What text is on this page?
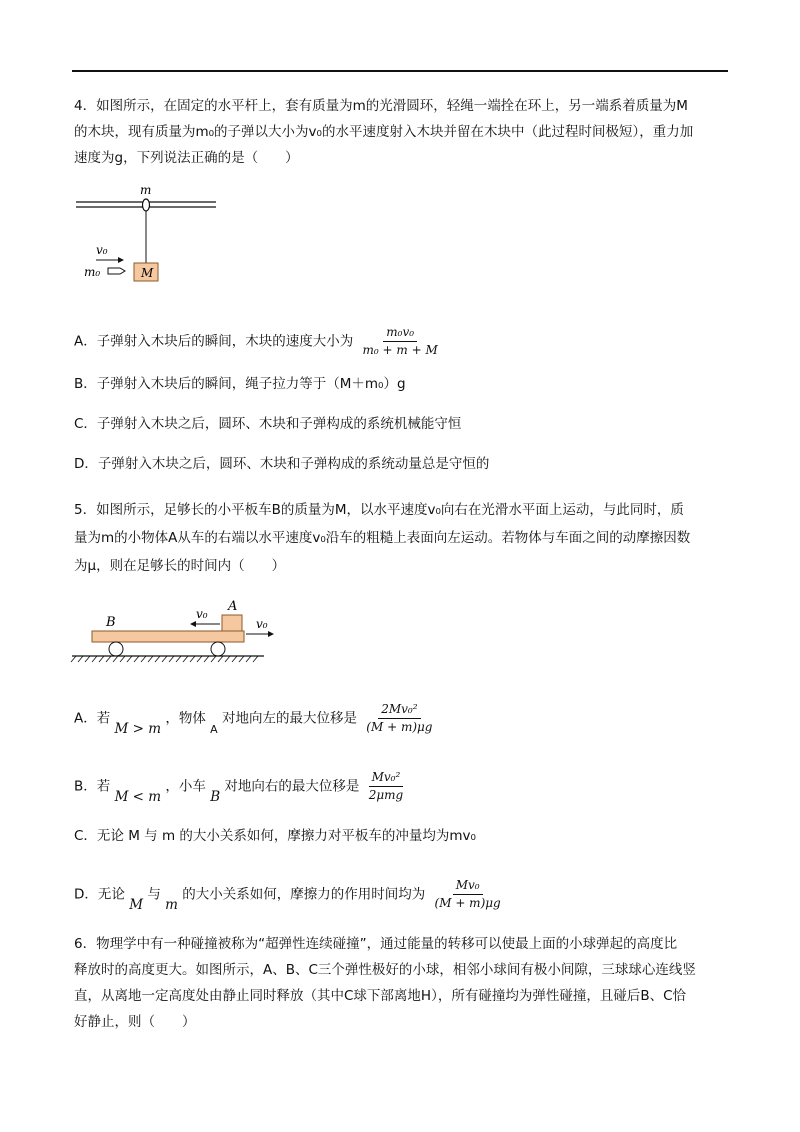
4．如图所示，在固定的水平杆上，套有质量为m的光滑圆环，轻绳一端拴在环上，另一端系着质量为M
的木块，现有质量为m₀的子弹以大小为v₀的水平速度射入木块并留在木块中（此过程时间极短），重力加
速度为g，下列说法正确的是（　　）
m
M
v₀
m₀
A．子弹射入木块后的瞬间，木块的速度大小为 $\frac{\text{m₀v₀}}{\text{m₀ + m + M}}$
B．子弹射入木块后的瞬间，绳子拉力等于（M＋m₀）g
C．子弹射入木块之后，圆环、木块和子弹构成的系统机械能守恒
D．子弹射入木块之后，圆环、木块和子弹构成的系统动量总是守恒的
5．如图所示，足够长的小平板车B的质量为M，以水平速度v₀向右在光滑水平面上运动，与此同时，质
量为m的小物体A从车的右端以水平速度v₀沿车的粗糙上表面向左运动。若物体与车面之间的动摩擦因数
为μ，则在足够长的时间内（　　）
B
A
v₀
v₀
A．若 M > m ，物体 $_A$ 对地向左的最大位移是 $\frac{\text{2Mv₀²}}{(M + m)\mu g}$
B．若 M < m ，小车 B 对地向右的最大位移是 $\frac{\text{Mv₀²}}{\text{2μmg}}$
C．无论 M 与 m 的大小关系如何，摩擦力对平板车的冲量均为mv₀
D．无论 M 与 m 的大小关系如何，摩擦力的作用时间均为 $\frac{\text{Mv₀}}{(M + m)\mu g}$
6．物理学中有一种碰撞被称为“超弹性连续碰撞”，通过能量的转移可以使最上面的小球弹起的高度比
释放时的高度更大。如图所示，A、B、C三个弹性极好的小球，相邻小球间有极小间隙，三球球心连线竖
直，从离地一定高度处由静止同时释放（其中C球下部离地H），所有碰撞均为弹性碰撞，且碰后B、C恰
好静止，则（　　）
